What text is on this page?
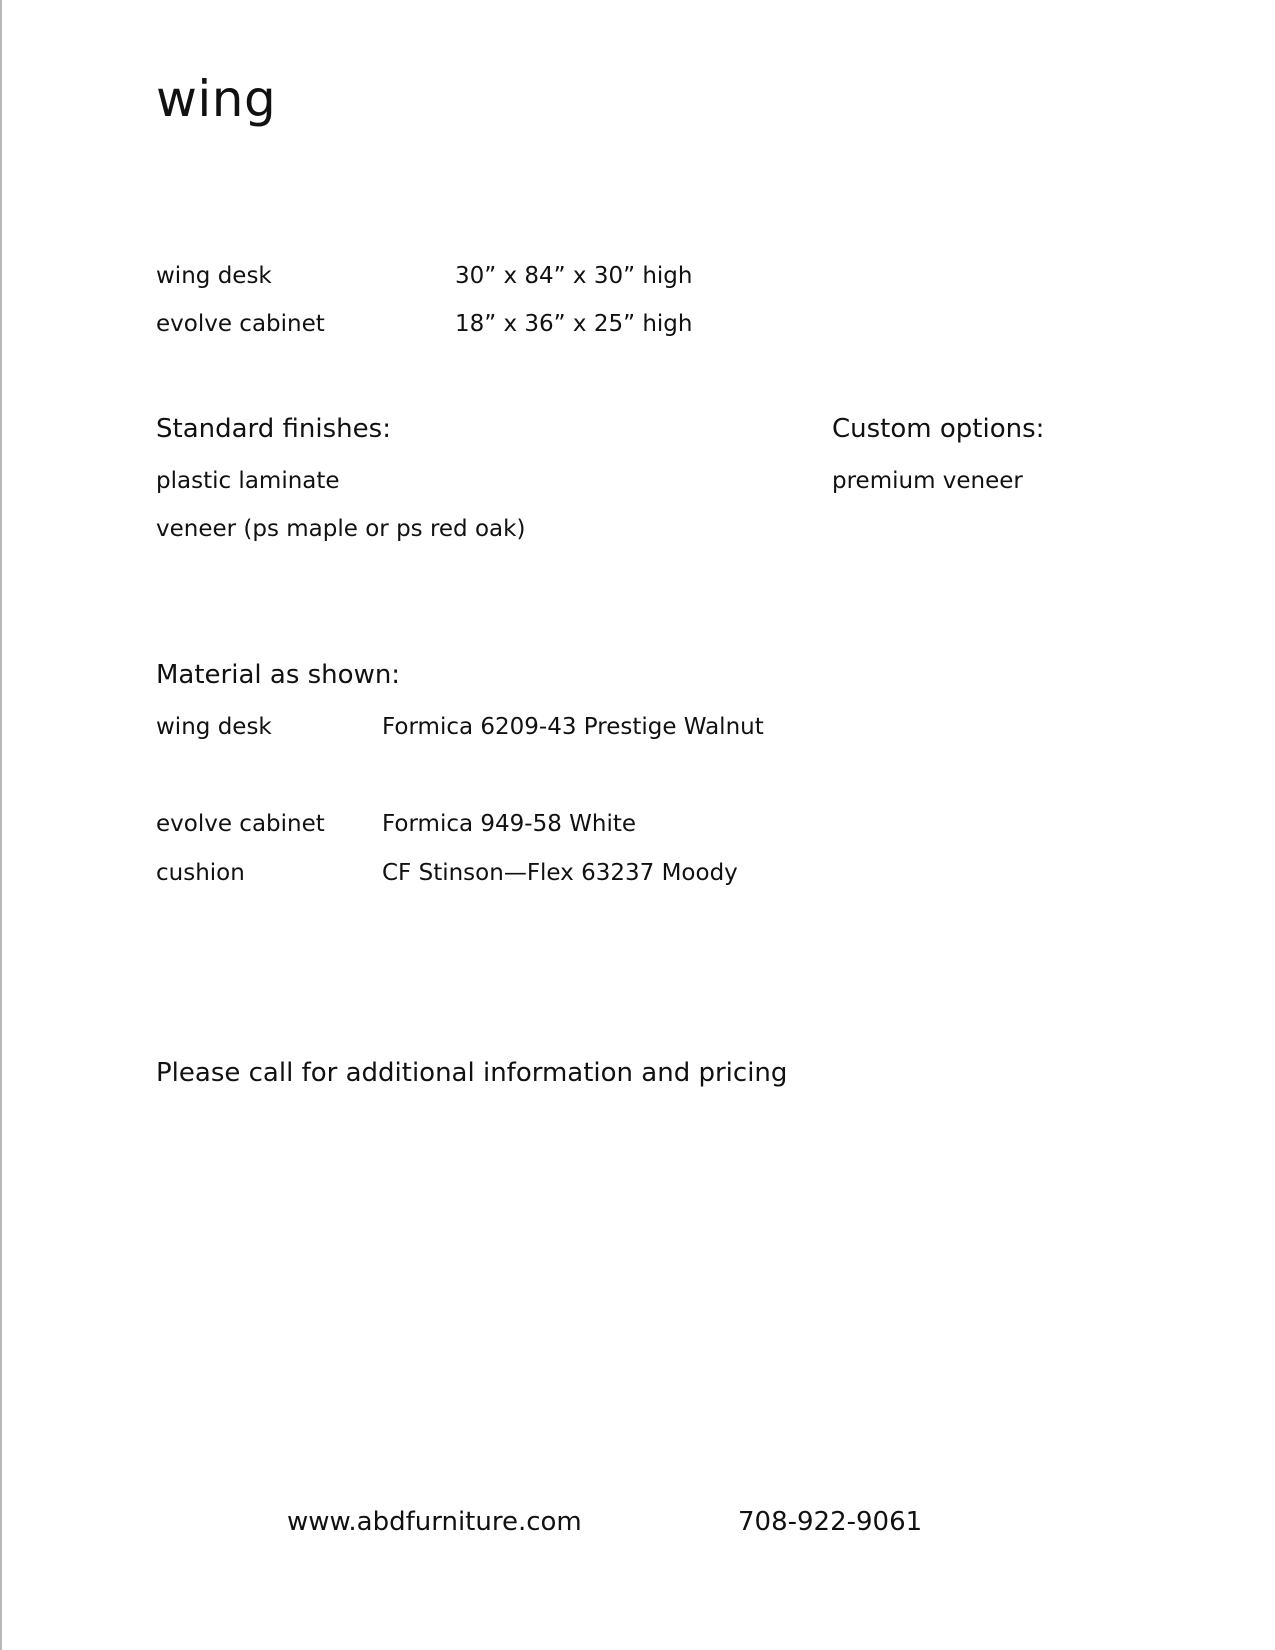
wing
wing desk	30” x 84” x 30” high
evolve cabinet	18” x 36” x 25” high
Standard finishes:
plastic laminate
veneer (ps maple or ps red oak)
Custom options:
premium veneer
Material as shown:
wing desk	Formica 6209-43 Prestige Walnut
evolve cabinet Formica 949-58 White
cushion	CF Stinson—Flex 63237 Moody
Please call for additional information and pricing
www.abdfurniture.com	708-922-9061
